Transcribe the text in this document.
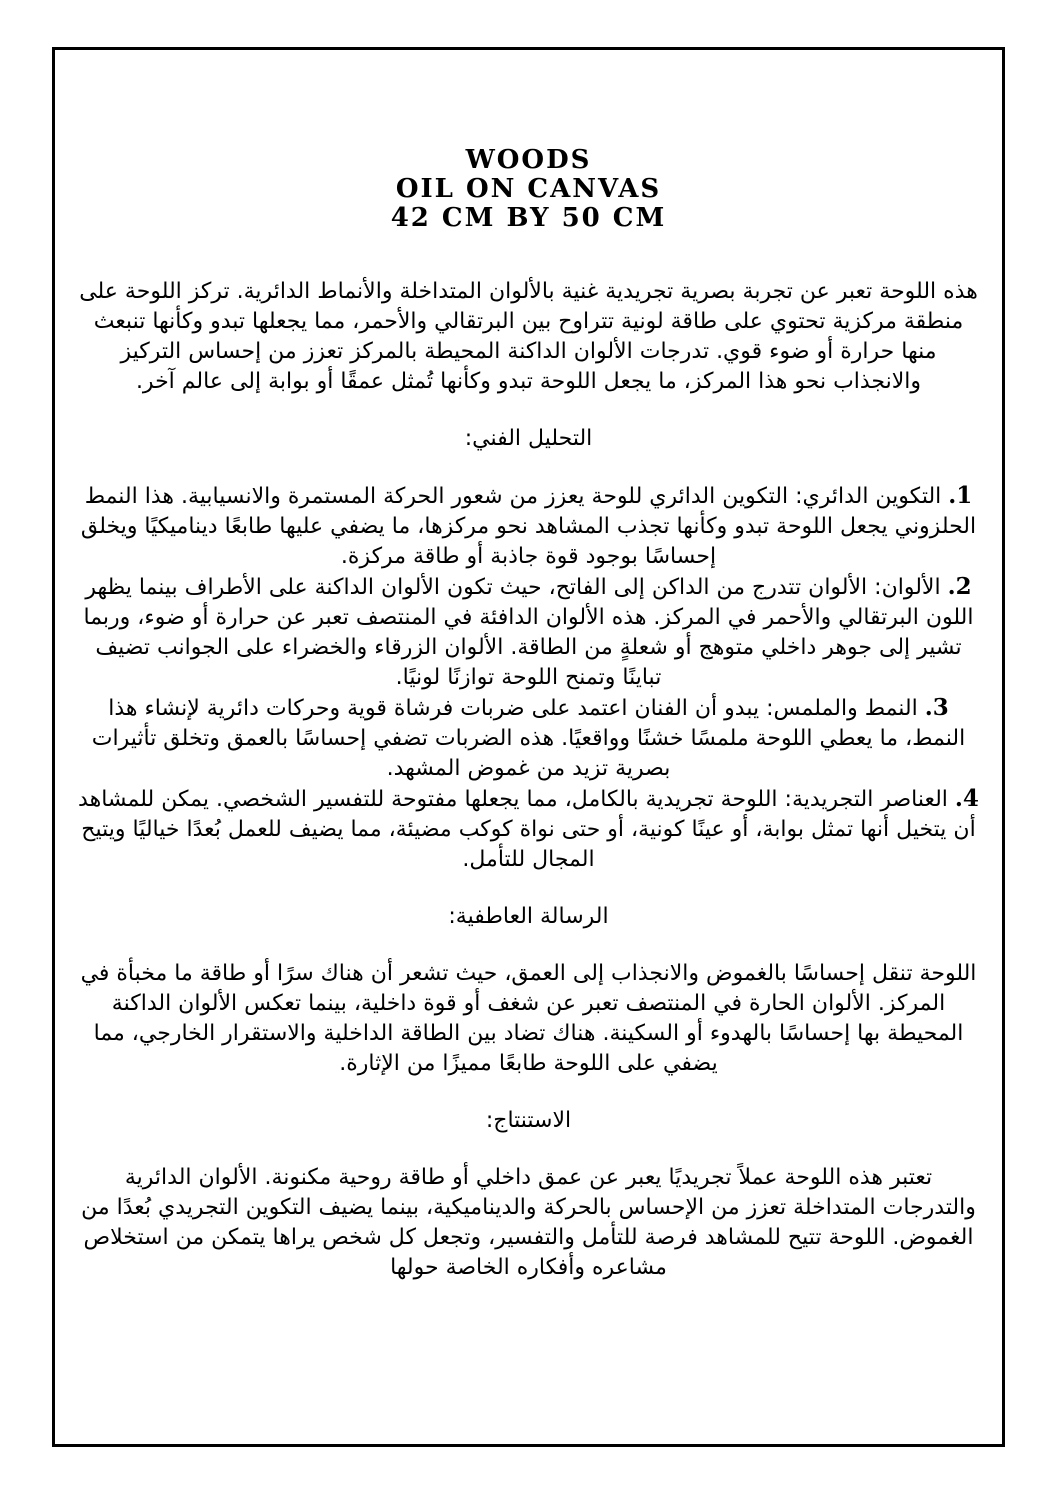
WOODS
OIL ON CANVAS
42 CM BY 50 CM

هذه اللوحة تعبر عن تجربة بصرية تجريدية غنية بالألوان المتداخلة والأنماط الدائرية. تركز اللوحة على منطقة مركزية تحتوي على طاقة لونية تتراوح بين البرتقالي والأحمر، مما يجعلها تبدو وكأنها تنبعث منها حرارة أو ضوء قوي. تدرجات الألوان الداكنة المحيطة بالمركز تعزز من إحساس التركيز والانجذاب نحو هذا المركز، ما يجعل اللوحة تبدو وكأنها تُمثل عمقًا أو بوابة إلى عالم آخر.

التحليل الفني:

1. التكوين الدائري: التكوين الدائري للوحة يعزز من شعور الحركة المستمرة والانسيابية. هذا النمط الحلزوني يجعل اللوحة تبدو وكأنها تجذب المشاهد نحو مركزها، ما يضفي عليها طابعًا ديناميكيًا ويخلق إحساسًا بوجود قوة جاذبة أو طاقة مركزة.

2. الألوان: الألوان تتدرج من الداكن إلى الفاتح، حيث تكون الألوان الداكنة على الأطراف بينما يظهر اللون البرتقالي والأحمر في المركز. هذه الألوان الدافئة في المنتصف تعبر عن حرارة أو ضوء، وربما تشير إلى جوهر داخلي متوهج أو شعلةٍ من الطاقة. الألوان الزرقاء والخضراء على الجوانب تضيف تباينًا وتمنح اللوحة توازنًا لونيًا.

3. النمط والملمس: يبدو أن الفنان اعتمد على ضربات فرشاة قوية وحركات دائرية لإنشاء هذا النمط، ما يعطي اللوحة ملمسًا خشنًا وواقعيًا. هذه الضربات تضفي إحساسًا بالعمق وتخلق تأثيرات بصرية تزيد من غموض المشهد.

4. العناصر التجريدية: اللوحة تجريدية بالكامل، مما يجعلها مفتوحة للتفسير الشخصي. يمكن للمشاهد أن يتخيل أنها تمثل بوابة، أو عينًا كونية، أو حتى نواة كوكب مضيئة، مما يضيف للعمل بُعدًا خياليًا ويتيح المجال للتأمل.

الرسالة العاطفية:

اللوحة تنقل إحساسًا بالغموض والانجذاب إلى العمق، حيث تشعر أن هناك سرًا أو طاقة ما مخبأة في المركز. الألوان الحارة في المنتصف تعبر عن شغف أو قوة داخلية، بينما تعكس الألوان الداكنة المحيطة بها إحساسًا بالهدوء أو السكينة. هناك تضاد بين الطاقة الداخلية والاستقرار الخارجي، مما يضفي على اللوحة طابعًا مميزًا من الإثارة.

الاستنتاج:

تعتبر هذه اللوحة عملاً تجريديًا يعبر عن عمق داخلي أو طاقة روحية مكنونة. الألوان الدائرية والتدرجات المتداخلة تعزز من الإحساس بالحركة والديناميكية، بينما يضيف التكوين التجريدي بُعدًا من الغموض. اللوحة تتيح للمشاهد فرصة للتأمل والتفسير، وتجعل كل شخص يراها يتمكن من استخلاص مشاعره وأفكاره الخاصة حولها
